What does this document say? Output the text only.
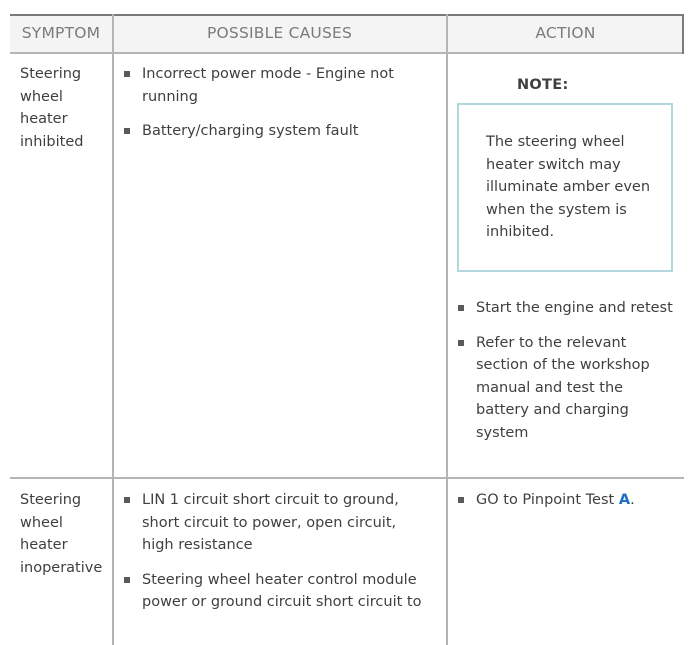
SYMPTOM	POSSIBLE CAUSES	ACTION
Steering wheel heater inhibited
Incorrect power mode - Engine not running
Battery/charging system fault
NOTE:
The steering wheel heater switch may illuminate amber even when the system is inhibited.
Start the engine and retest
Refer to the relevant section of the workshop manual and test the battery and charging system
Steering wheel heater inoperative
LIN 1 circuit short circuit to ground, short circuit to power, open circuit, high resistance
Steering wheel heater control module power or ground circuit short circuit to
GO to Pinpoint Test A.
